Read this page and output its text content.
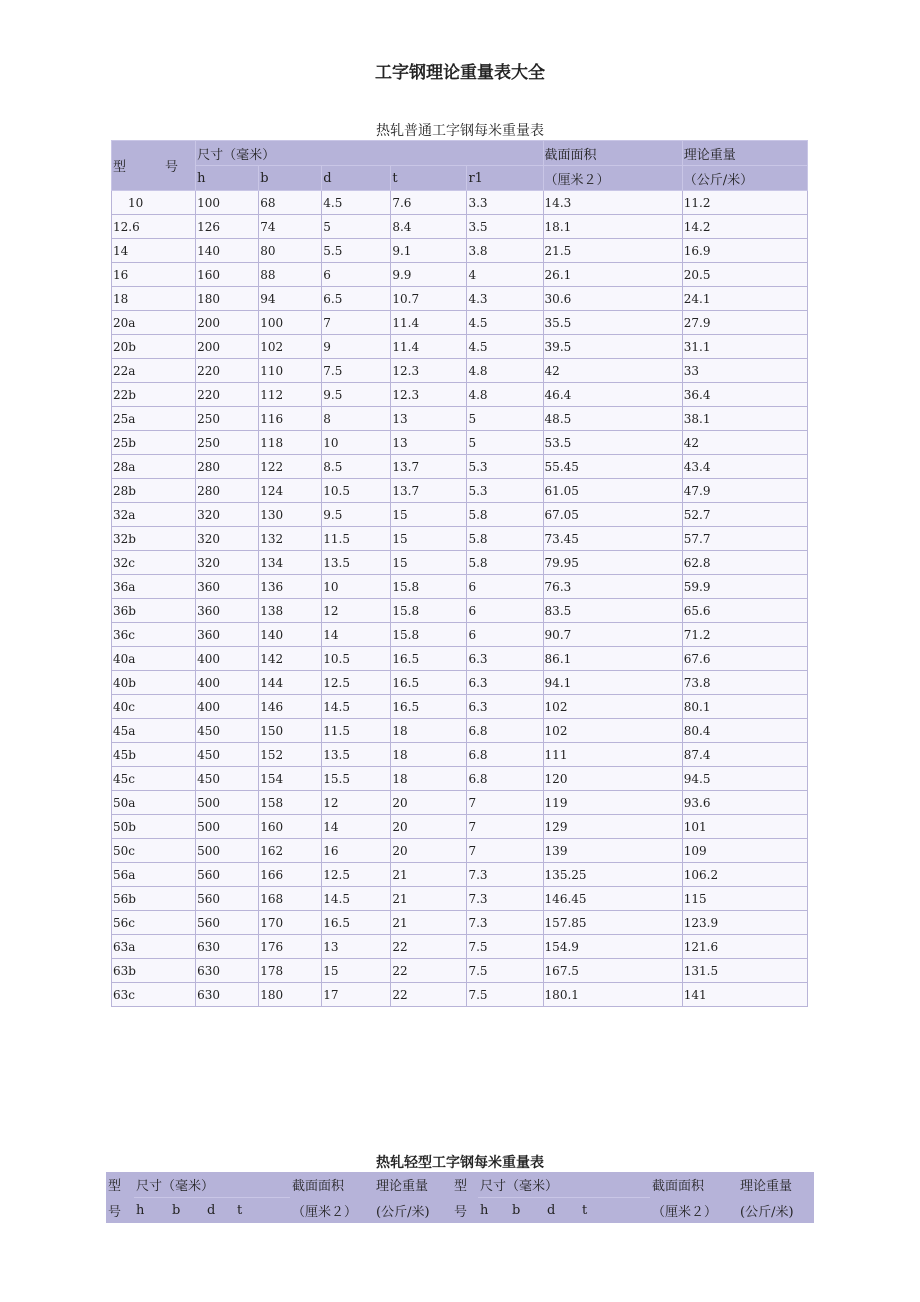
工字钢理论重量表大全
热轧普通工字钢每米重量表
型　　　号	尺寸（毫米）					截面面积	理论重量
	h	b	d	t	r1	（厘米２）	（公斤/米）
10	100	68	4.5	7.6	3.3	14.3	11.2
12.6	126	74	5	8.4	3.5	18.1	14.2
14	140	80	5.5	9.1	3.8	21.5	16.9
16	160	88	6	9.9	4	26.1	20.5
18	180	94	6.5	10.7	4.3	30.6	24.1
20a	200	100	7	11.4	4.5	35.5	27.9
20b	200	102	9	11.4	4.5	39.5	31.1
22a	220	110	7.5	12.3	4.8	42	33
22b	220	112	9.5	12.3	4.8	46.4	36.4
25a	250	116	8	13	5	48.5	38.1
25b	250	118	10	13	5	53.5	42
28a	280	122	8.5	13.7	5.3	55.45	43.4
28b	280	124	10.5	13.7	5.3	61.05	47.9
32a	320	130	9.5	15	5.8	67.05	52.7
32b	320	132	11.5	15	5.8	73.45	57.7
32c	320	134	13.5	15	5.8	79.95	62.8
36a	360	136	10	15.8	6	76.3	59.9
36b	360	138	12	15.8	6	83.5	65.6
36c	360	140	14	15.8	6	90.7	71.2
40a	400	142	10.5	16.5	6.3	86.1	67.6
40b	400	144	12.5	16.5	6.3	94.1	73.8
40c	400	146	14.5	16.5	6.3	102	80.1
45a	450	150	11.5	18	6.8	102	80.4
45b	450	152	13.5	18	6.8	111	87.4
45c	450	154	15.5	18	6.8	120	94.5
50a	500	158	12	20	7	119	93.6
50b	500	160	14	20	7	129	101
50c	500	162	16	20	7	139	109
56a	560	166	12.5	21	7.3	135.25	106.2
56b	560	168	14.5	21	7.3	146.45	115
56c	560	170	16.5	21	7.3	157.85	123.9
63a	630	176	13	22	7.5	154.9	121.6
63b	630	178	15	22	7.5	167.5	131.5
63c	630	180	17	22	7.5	180.1	141
热轧轻型工字钢每米重量表
型	尺寸（毫米）				截面面积	理论重量	型	尺寸（毫米）				截面面积	理论重量
号	h	b	d	t	（厘米２）	(公斤/米)	号	h	b	d	t	（厘米２）	(公斤/米)
